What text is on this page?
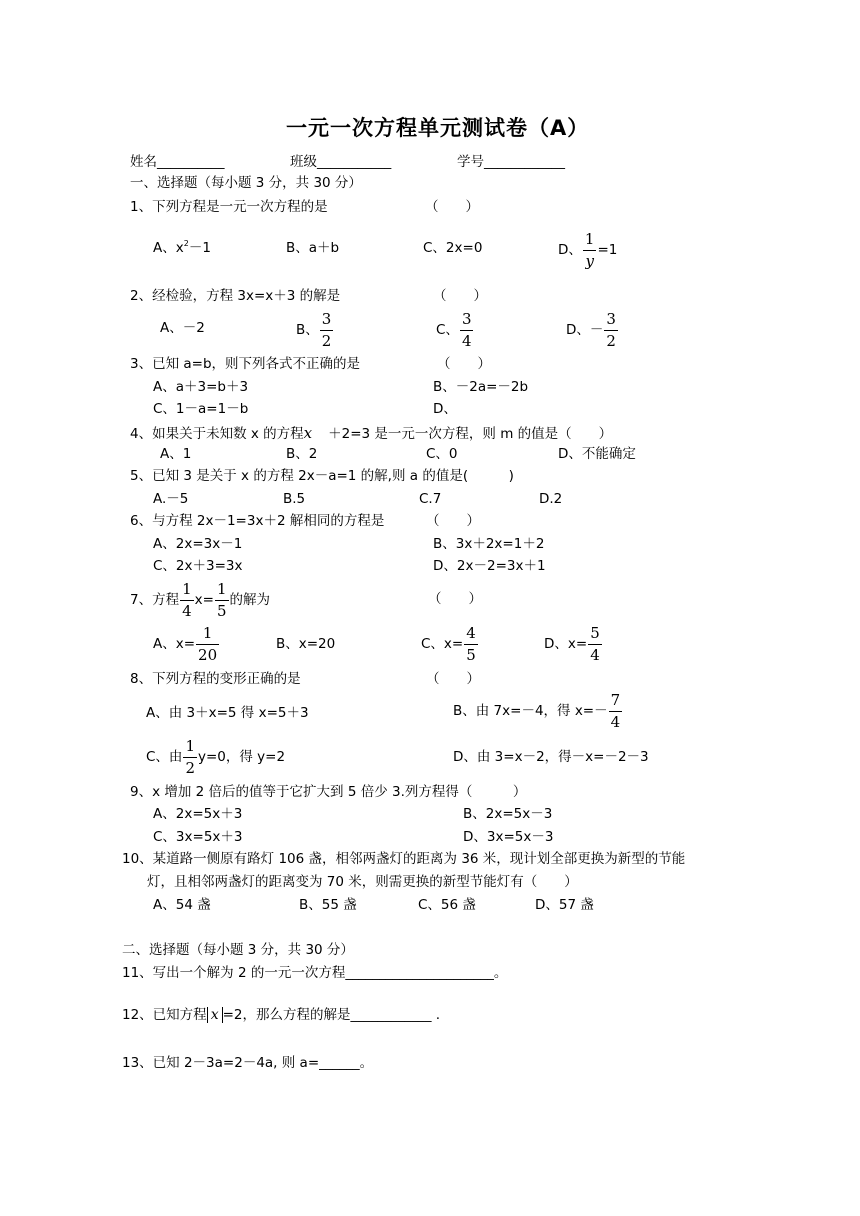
一元一次方程单元测试卷（A）
姓名__________	班级___________	学号____________
一、选择题（每小题 3 分，共 30 分）
1、下列方程是一元一次方程的是	（　　）
A、$x^2-1$	B、a＋b	C、2x=0	D、 $\frac{1}{y} =1$
2、经检验，方程 3x=x＋3 的解是	（　　）
A、－2	B、 $\frac{3}{2}$	C、 $\frac{3}{4}$	D、－ $\frac{3}{2}$
3、已知 a=b，则下列各式不正确的是	（　　）
A、a＋3=b＋3	B、－2a=－2b
C、1－a=1－b	D、
4、如果关于未知数 x 的方程x ＋2=3 是一元一次方程，则 m 的值是（　　）
A、1	B、2	C、0	D、不能确定
5、已知 3 是关于 x 的方程 2x－a=1 的解,则 a 的值是(　　　)
A.－5	B.5	C.7	D.2
6、与方程 2x－1=3x＋2 解相同的方程是	（　　）
A、2x=3x－1	B、3x＋2x=1＋2
C、2x＋3=3x	D、2x－2=3x＋1
7、方程 $\frac{1}{4} x= \frac{1}{5}$ 的解为	（　　）
A、$x= \frac{1}{20}$	B、x=20	C、$x= \frac{4}{5}$	D、$x= \frac{5}{4}$
8、下列方程的变形正确的是	（　　）
A、由 3＋x=5 得 x=5＋3	B、由 7x=－4，得 $x=- \frac{7}{4}$
C、由 $\frac{1}{2} y=0$，得 y=2	D、由 3=x－2，得－x=－2－3
9、x 增加 2 倍后的值等于它扩大到 5 倍少 3.列方程得（　　　）
A、2x=5x＋3	B、2x=5x－3
C、3x=5x＋3	D、3x=5x－3
10、某道路一侧原有路灯 106 盏，相邻两盏灯的距离为 36 米，现计划全部更换为新型的节能
灯，且相邻两盏灯的距离变为 70 米，则需更换的新型节能灯有（　　）
A、54 盏	B、55 盏	C、56 盏	D、57 盏
二、选择题（每小题 3 分，共 30 分）
11、写出一个解为 2 的一元一次方程______________________。
12、已知方程 x =2，那么方程的解是____________ .
13、已知 2－3a=2－4a, 则 a=______。
